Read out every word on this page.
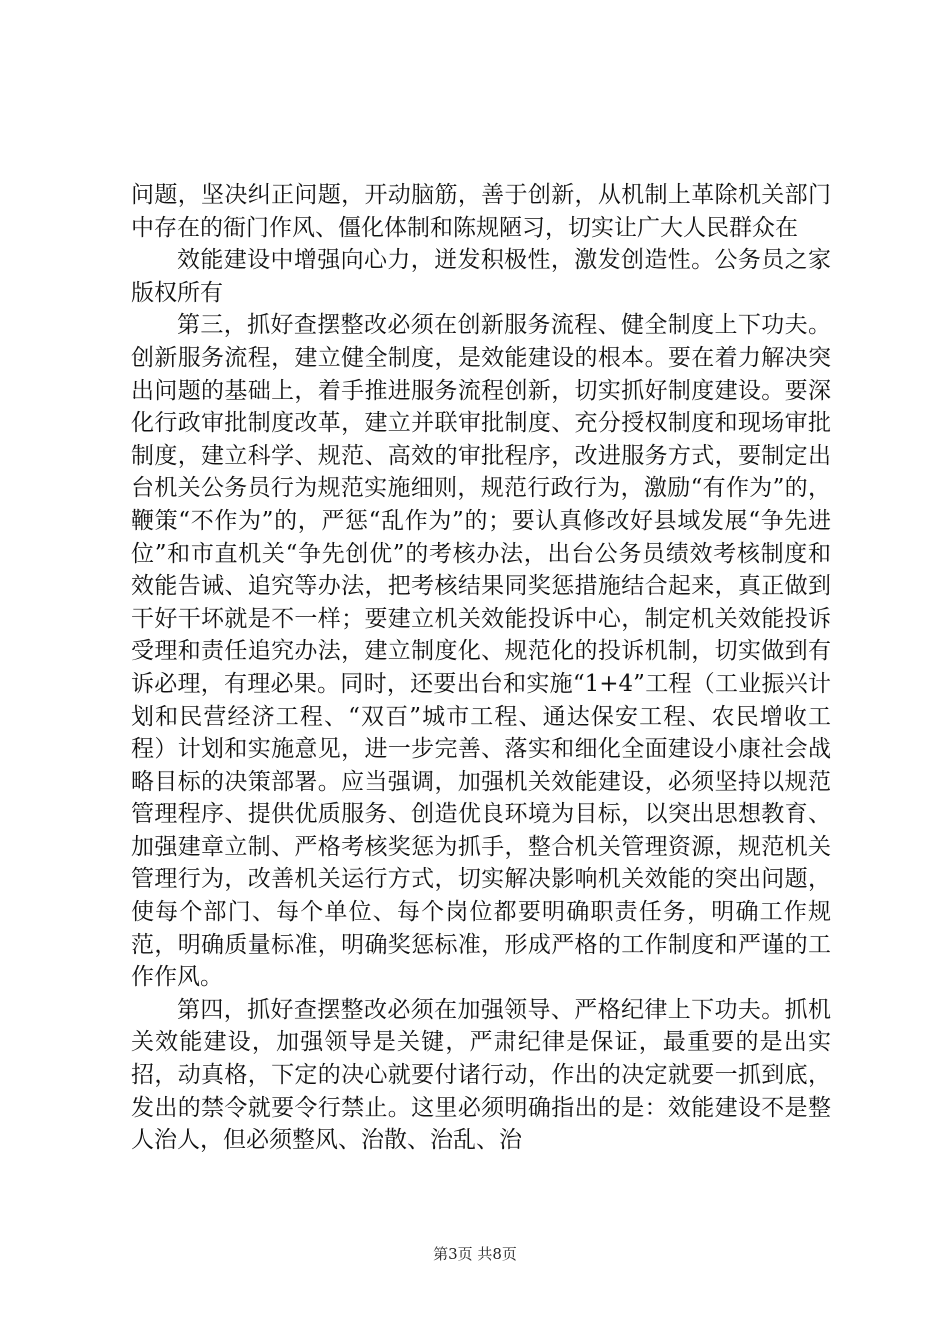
问题，坚决纠正问题，开动脑筋，善于创新，从机制上革除机关部门中存在的衙门作风、僵化体制和陈规陋习，切实让广大人民群众在

效能建设中增强向心力，迸发积极性，激发创造性。公务员之家版权所有

第三，抓好查摆整改必须在创新服务流程、健全制度上下功夫。创新服务流程，建立健全制度，是效能建设的根本。要在着力解决突出问题的基础上，着手推进服务流程创新，切实抓好制度建设。要深化行政审批制度改革，建立并联审批制度、充分授权制度和现场审批制度，建立科学、规范、高效的审批程序，改进服务方式，要制定出台机关公务员行为规范实施细则，规范行政行为，激励“有作为”的，鞭策“不作为”的，严惩“乱作为”的；要认真修改好县域发展“争先进位”和市直机关“争先创优”的考核办法，出台公务员绩效考核制度和效能告诫、追究等办法，把考核结果同奖惩措施结合起来，真正做到干好干坏就是不一样；要建立机关效能投诉中心，制定机关效能投诉受理和责任追究办法，建立制度化、规范化的投诉机制，切实做到有诉必理，有理必果。同时，还要出台和实施“1+4”工程（工业振兴计划和民营经济工程、“双百”城市工程、通达保安工程、农民增收工程）计划和实施意见，进一步完善、落实和细化全面建设小康社会战略目标的决策部署。应当强调，加强机关效能建设，必须坚持以规范管理程序、提供优质服务、创造优良环境为目标，以突出思想教育、加强建章立制、严格考核奖惩为抓手，整合机关管理资源，规范机关管理行为，改善机关运行方式，切实解决影响机关效能的突出问题，使每个部门、每个单位、每个岗位都要明确职责任务，明确工作规范，明确质量标准，明确奖惩标准，形成严格的工作制度和严谨的工作作风。

第四，抓好查摆整改必须在加强领导、严格纪律上下功夫。抓机关效能建设，加强领导是关键，严肃纪律是保证，最重要的是出实招，动真格，下定的决心就要付诸行动，作出的决定就要一抓到底，发出的禁令就要令行禁止。这里必须明确指出的是：效能建设不是整人治人，但必须整风、治散、治乱、治

第3页 共8页
